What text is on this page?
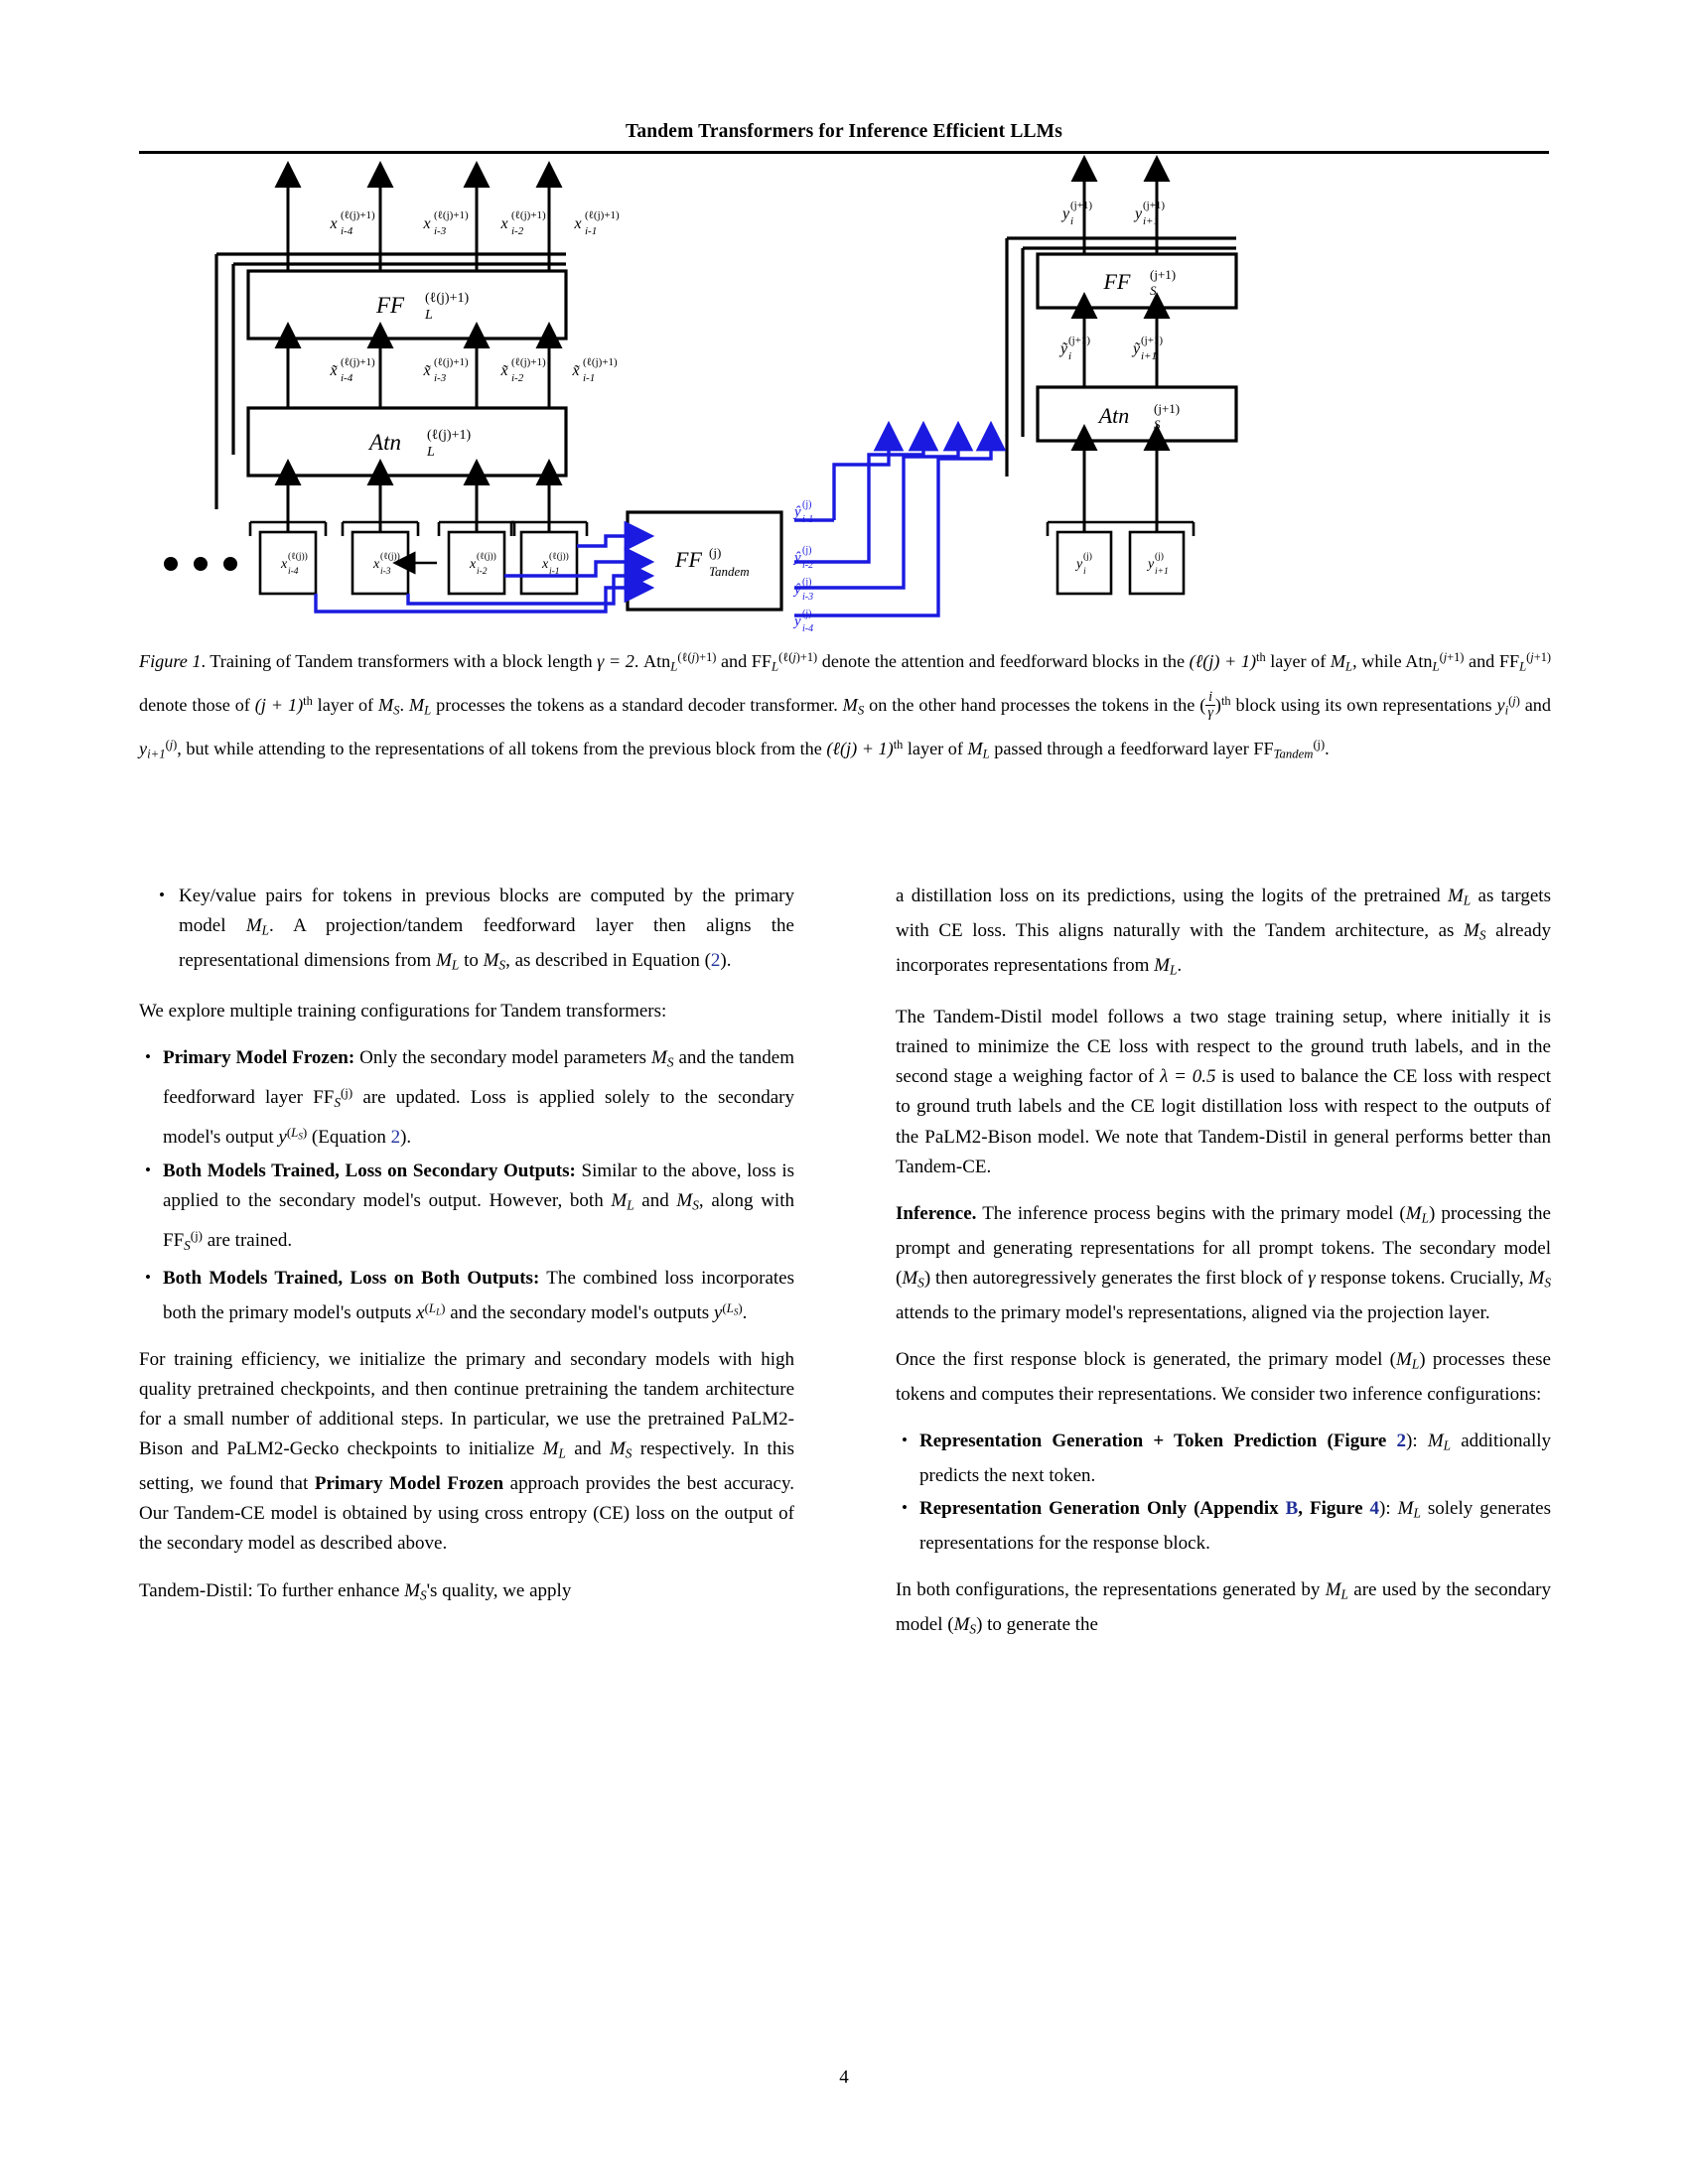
Tandem Transformers for Inference Efficient LLMs
x i-4
(ℓ(j)+1)	x i-3
(ℓ(j)+1) x i-2
(ℓ(j)+1) x i-1
(ℓ(j)+1)
FF L
(ℓ(j)+1)
x̃ i-4
(ℓ(j)+1)	x̃ i-3
(ℓ(j)+1) x̃ i-2
(ℓ(j)+1) x̃ i-1
(ℓ(j)+1)
Atn L
(ℓ(j)+1)
x i-4
(ℓ(j))	x i-3
(ℓ(j))	x i-2
(ℓ(j))	x i-1
(ℓ(j))	FF Tandem
(j)
y i
(j+1)	y i+1
(j+1)
FF S
(j+1)
ỹ i
(j+1)	ỹ i+1
(j+1)
Atn S
(j+1)
y i
(j)	y i+1
(j)
ŷ i-1
(j)
ŷ i-2
(j)
ŷ i-3
(j)
ŷ i-4
(j)
Figure 1. Training of Tandem transformers with a block length γ = 2. Atn$_L^{(\ell(j)+1)}$ and $FF_L^{(\ell(j)+1)}$ denote the attention and feedforward blocks in the (ℓ(j) + 1)$^{th}$ layer of $M_L$, while Atn$_L^{(j+1)}$ and $FF_L^{(j+1)}$ denote those of $(j + 1)^{th}$ layer of $M_S$. $M_L$ processes the tokens as a standard decoder transformer. $M_S$ on the other hand processes the tokens in the ( $\frac{i}{\gamma} )^{th}$ block using its own representations $y_i^{(j)}$ and $y_{i+1}^{(j)}$, but while attending to the representations of all tokens from the previous block from the (ℓ(j) + 1)$^{th}$ layer of $M_L$ passed through a feedforward layer $FF_{Tandem}^{(j)}$.
• Key/value pairs for tokens in previous blocks are computed by the primary model $M_L$. A projection/tandem feedforward layer then aligns the representational dimensions from $M_L$ to $M_S$, as described in Equation (2).

We explore multiple training configurations for Tandem transformers:

• Primary Model Frozen: Only the secondary model parameters $M_S$ and the tandem feedforward layer $FF_S^{(j)}$ are updated. Loss is applied solely to the secondary model's output $y^{(L_S)}$ (Equation 2).
• Both Models Trained, Loss on Secondary Outputs: Similar to the above, loss is applied to the secondary model's output. However, both $M_L$ and $M_S$, along with $FF_S^{(j)}$ are trained.
• Both Models Trained, Loss on Both Outputs: The combined loss incorporates both the primary model's outputs $x^{(L_L)}$ and the secondary model's outputs $y^{(L_S)}$.

For training efficiency, we initialize the primary and secondary models with high quality pretrained checkpoints, and then continue pretraining the tandem architecture for a small number of additional steps. In particular, we use the pretrained PaLM2-Bison and PaLM2-Gecko checkpoints to initialize $M_L$ and $M_S$ respectively. In this setting, we found that Primary Model Frozen approach provides the best accuracy. Our Tandem-CE model is obtained by using cross entropy (CE) loss on the output of the secondary model as described above.

Tandem-Distil: To further enhance $M_S's$ quality, we apply

a distillation loss on its predictions, using the logits of the pretrained $M_L$ as targets with CE loss. This aligns naturally with the Tandem architecture, as $M_S$ already incorporates representations from $M_L$.

The Tandem-Distil model follows a two stage training setup, where initially it is trained to minimize the CE loss with respect to the ground truth labels, and in the second stage a weighing factor of λ = 0.5 is used to balance the CE loss with respect to ground truth labels and the CE logit distillation loss with respect to the outputs of the PaLM2-Bison model. We note that Tandem-Distil in general performs better than Tandem-CE.

Inference. The inference process begins with the primary model $(M_L)$ processing the prompt and generating representations for all prompt tokens. The secondary model $(M_S)$ then autoregressively generates the first block of γ response tokens. Crucially, $M_S$ attends to the primary model's representations, aligned via the projection layer.

Once the first response block is generated, the primary model $(M_L)$ processes these tokens and computes their representations. We consider two inference configurations:

• Representation Generation + Token Prediction (Figure 2): $M_L$ additionally predicts the next token.
• Representation Generation Only (Appendix B, Figure 4): $M_L$ solely generates representations for the response block.

In both configurations, the representations generated by $M_L$ are used by the secondary model $(M_S)$ to generate the

4
